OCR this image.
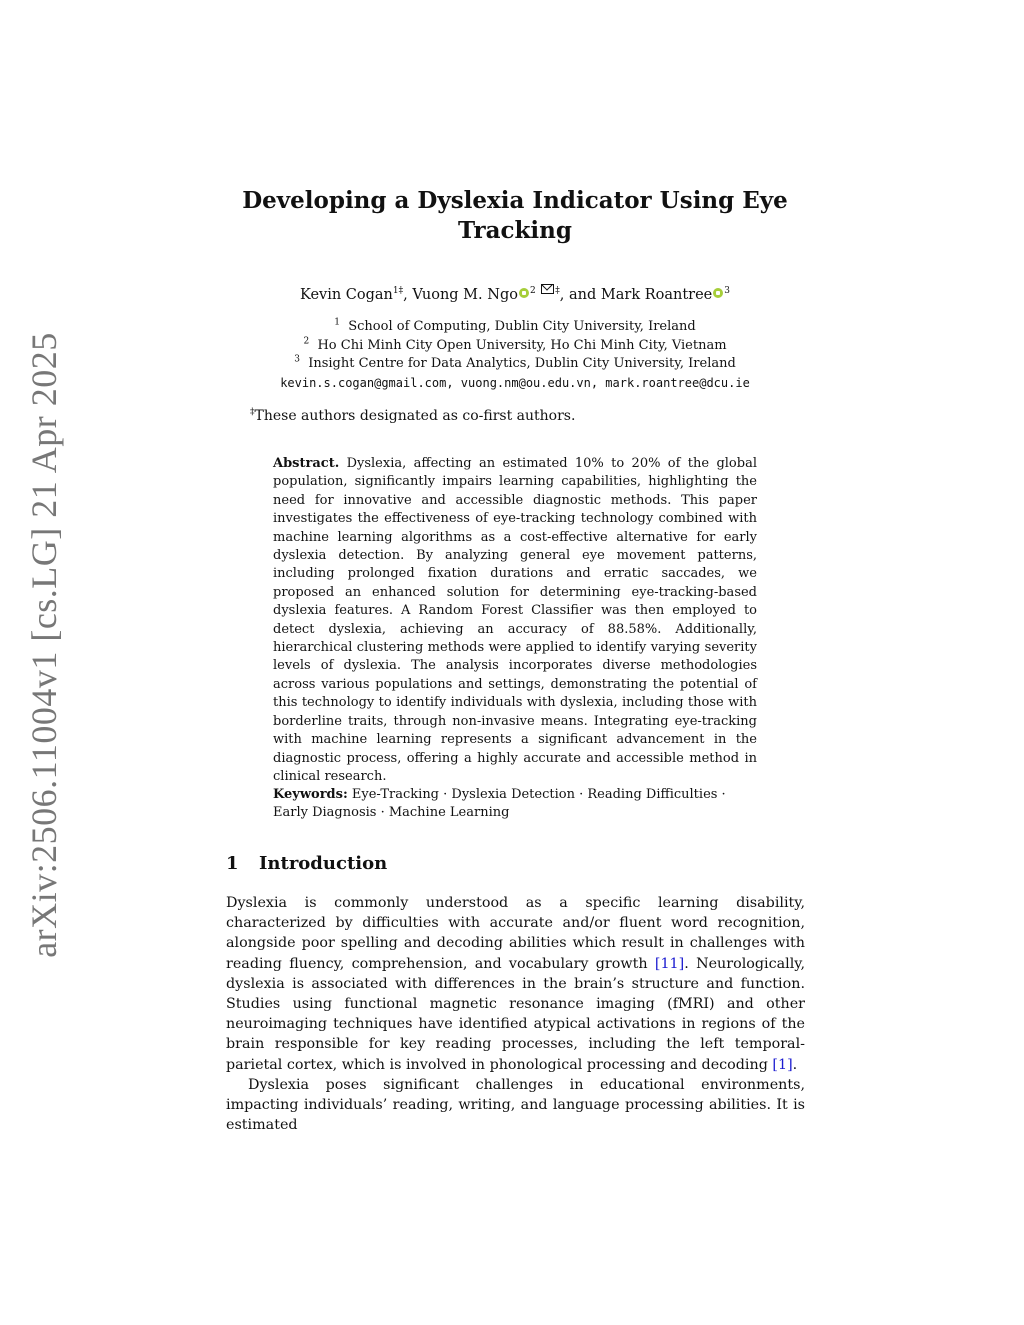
arXiv:2506.11004v1 [cs.LG] 21 Apr 2025
Developing a Dyslexia Indicator Using Eye Tracking
Kevin Cogan$^{1\ddagger}$, Vuong M. Ngo $^2$ ‡, and Mark Roantree $^3$
$^1$ School of Computing, Dublin City University, Ireland
$^2$ Ho Chi Minh City Open University, Ho Chi Minh City, Vietnam
$^3$ Insight Centre for Data Analytics, Dublin City University, Ireland
kevin.s.cogan@gmail.com, vuong.nm@ou.edu.vn, mark.roantree@dcu.ie
‡These authors designated as co-first authors.

Abstract. Dyslexia, affecting an estimated 10% to 20% of the global population, significantly impairs learning capabilities, highlighting the need for innovative and accessible diagnostic methods. This paper investigates the effectiveness of eye-tracking technology combined with machine learning algorithms as a cost-effective alternative for early dyslexia detection. By analyzing general eye movement patterns, including prolonged fixation durations and erratic saccades, we proposed an enhanced solution for determining eye-tracking-based dyslexia features. A Random Forest Classifier was then employed to detect dyslexia, achieving an accuracy of 88.58%. Additionally, hierarchical clustering methods were applied to identify varying severity levels of dyslexia. The analysis incorporates diverse methodologies across various populations and settings, demonstrating the potential of this technology to identify individuals with dyslexia, including those with borderline traits, through non-invasive means. Integrating eye-tracking with machine learning represents a significant advancement in the diagnostic process, offering a highly accurate and accessible method in clinical research.

Keywords: Eye-Tracking · Dyslexia Detection · Reading Difficulties · Early Diagnosis · Machine Learning
1 Introduction

Dyslexia is commonly understood as a specific learning disability, characterized by difficulties with accurate and/or fluent word recognition, alongside poor spelling and decoding abilities which result in challenges with reading fluency, comprehension, and vocabulary growth [11]. Neurologically, dyslexia is associated with differences in the brain’s structure and function. Studies using functional magnetic resonance imaging (fMRI) and other neuroimaging techniques have identified atypical activations in regions of the brain responsible for key reading processes, including the left temporal-parietal cortex, which is involved in phonological processing and decoding [1].

Dyslexia poses significant challenges in educational environments, impacting individuals’ reading, writing, and language processing abilities. It is estimated
